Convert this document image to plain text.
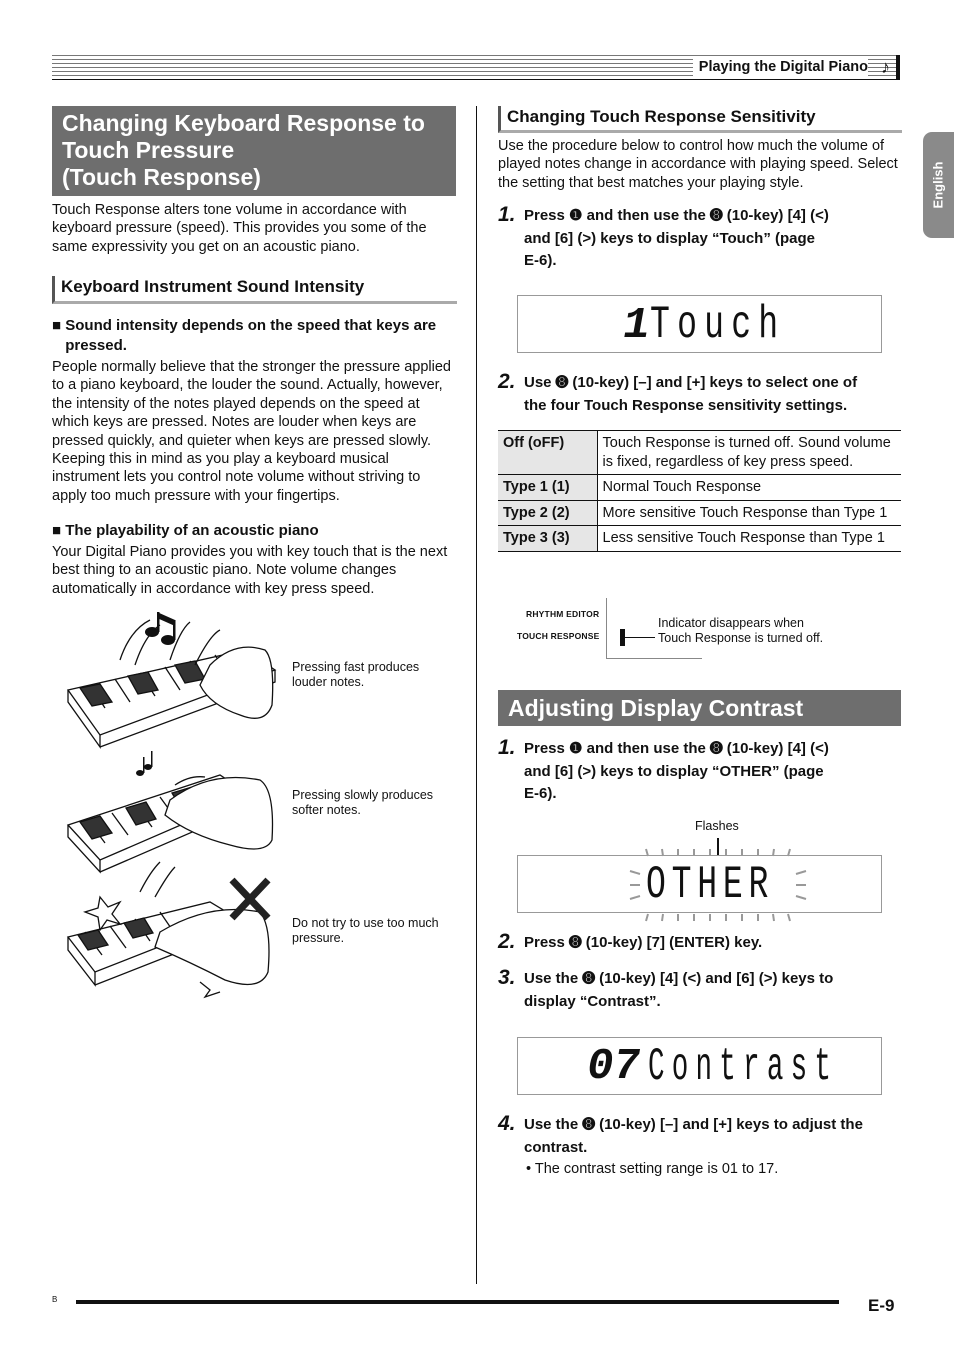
Playing the Digital Piano ♪
English
Changing Keyboard Response to
Touch Pressure
(Touch Response)
Touch Response alters tone volume in accordance with keyboard pressure (speed). This provides you some of the same expressivity you get on an acoustic piano.
Keyboard Instrument Sound Intensity
■ Sound intensity depends on the speed that keys are pressed.
People normally believe that the stronger the pressure applied to a piano keyboard, the louder the sound. Actually, however, the intensity of the notes played depends on the speed at which keys are pressed. Notes are louder when keys are pressed quickly, and quieter when keys are pressed slowly. Keeping this in mind as you play a keyboard musical instrument lets you control note volume without striving to apply too much pressure with your fingertips.
■ The playability of an acoustic piano
Your Digital Piano provides you with key touch that is the next best thing to an acoustic piano. Note volume changes automatically in accordance with key press speed.
Pressing fast produces
louder notes.
Pressing slowly produces
softer notes.
Do not try to use too much
pressure.
Changing Touch Response Sensitivity
Use the procedure below to control how much the volume of played notes change in accordance with playing speed. Select the setting that best matches your playing style.
1. Press ❶ and then use the ➑ (10-key) [4] (<)
and [6] (>) keys to display “Touch” (page
E-6).
1
Touch
2. Use ➑ (10-key) [–] and [+] keys to select one of
the four Touch Response sensitivity settings.
Off (oFF)	Touch Response is turned off. Sound volume is fixed, regardless of key press speed.
Type 1 (1)	Normal Touch Response
Type 2 (2)	More sensitive Touch Response than Type 1
Type 3 (3)	Less sensitive Touch Response than Type 1
RHYTHM EDITOR
TOUCH RESPONSE
Indicator disappears when
Touch Response is turned off.
Adjusting Display Contrast
1. Press ❶ and then use the ➑ (10-key) [4] (<)
and [6] (>) keys to display “OTHER” (page
E-6).
Flashes
OTHER
2. Press ➑ (10-key) [7] (ENTER) key.
3. Use the ➑ (10-key) [4] (<) and [6] (>) keys to
display “Contrast”.
07 Contrast
4. Use the ➑ (10-key) [–] and [+] keys to adjust the
contrast.
• The contrast setting range is 01 to 17.
B	E-9
